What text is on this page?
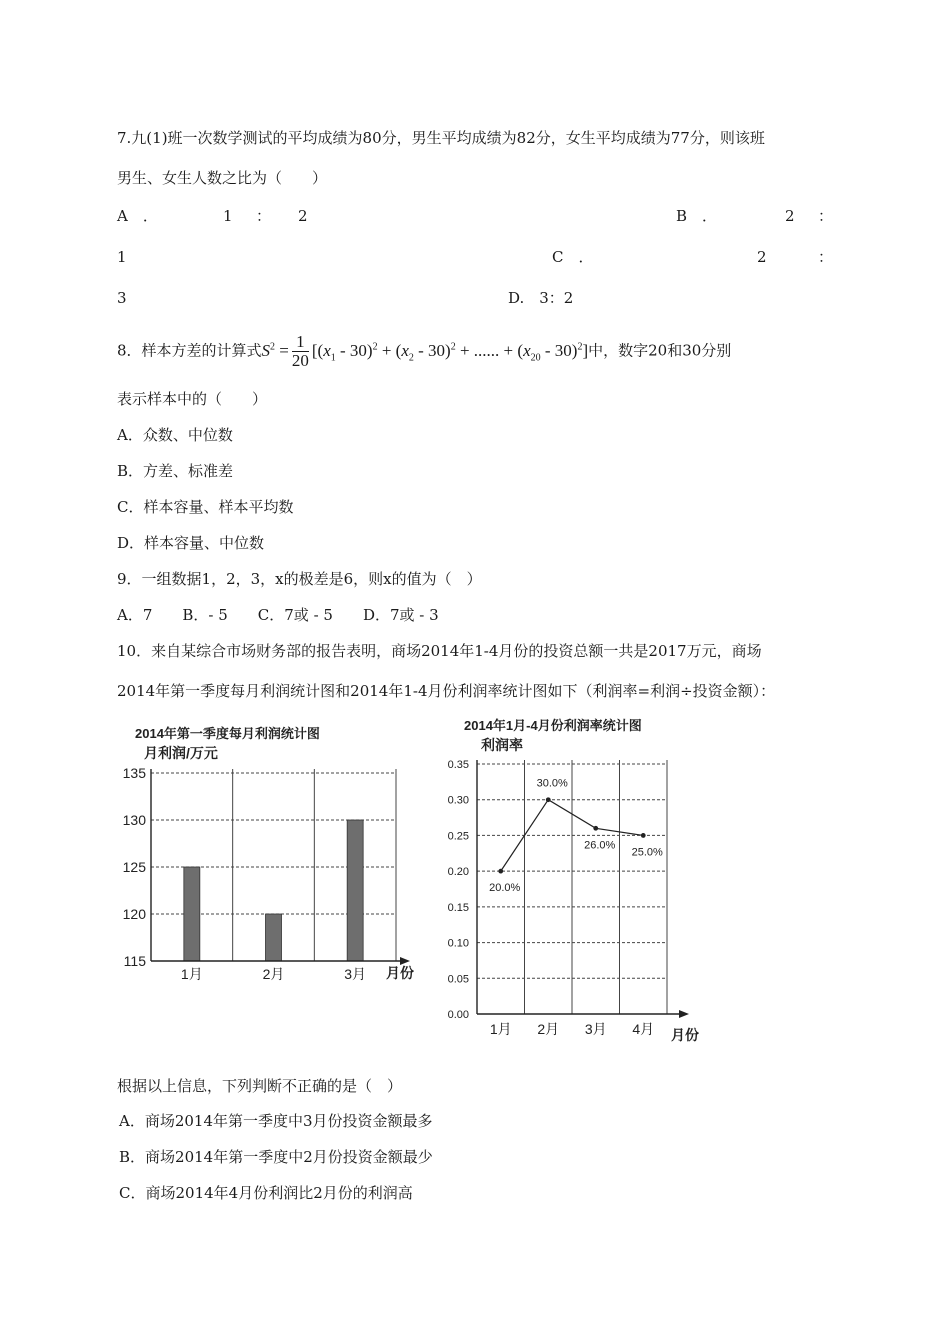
7.九(1)班一次数学测试的平均成绩为80分，男生平均成绩为82分，女生平均成绩为77分，则该班
男生、女生人数之比为（　　）
A　．	1 ： 2	B　．	2 ：
1	C　．	2	：
3	D.　3：2
8．样本方差的计算式$S^2 = \frac{1}{20} [(x_1 - 30)^2 + (x_2 - 30)^2$ + ...... + $(x_{20} - 30)^2$]中，数字20和30分别
表示样本中的（　　）
A．众数、中位数
B．方差、标准差
C．样本容量、样本平均数
D．样本容量、中位数
9．一组数据1，2，3，x的极差是6，则x的值为（　）
A．7　　B．- 5　　C．7或 - 5　　D．7或 - 3
10．来自某综合市场财务部的报告表明，商场2014年1-4月份的投资总额一共是2017万元，商场
2014年第一季度每月利润统计图和2014年1-4月份利润率统计图如下（利润率=利润÷投资金额）：
2014年第一季度每月利润统计图
月利润/万元
115
120
125
130
135
1月	2月	3月 月份
2014年1月-4月份利润率统计图
利润率
20.0%
30.0%
26.0%
25.0%
0.00
0.05
0.10
0.15
0.20
0.25
0.30
0.35
1月 2月 3月 4月 月份
根据以上信息，下列判断不正确的是（　）
A．商场2014年第一季度中3月份投资金额最多
B．商场2014年第一季度中2月份投资金额最少
C．商场2014年4月份利润比2月份的利润高
